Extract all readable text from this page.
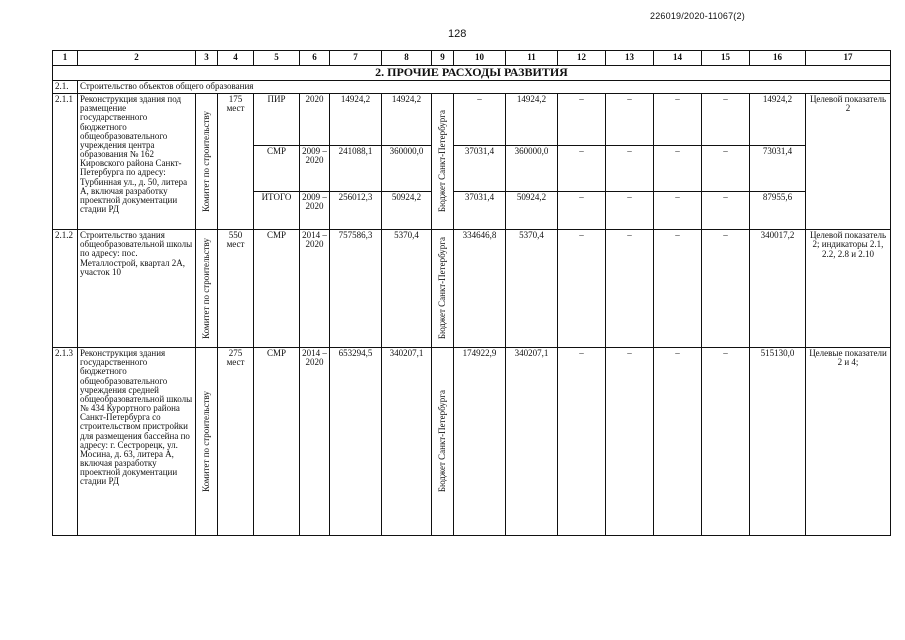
226019/2020-11067(2)
128
1	2	3	4	5	6	7	8	9	10	11	12	13	14	15	16	17
2. ПРОЧИЕ РАСХОДЫ РАЗВИТИЯ																
2.1.	Строительство объектов общего образования															
2.1.1	Реконструкция здания под размещение государственного бюджетного общеобразовательного учреждения центра образования № 162 Кировского района Санкт-Петербурга по адресу: Турбинная ул., д. 50, литера А, включая разработку проектной документации стадии РД	Комитет по строительству	175 мест	ПИР	2020	14924,2	14924,2	Бюджет Санкт-Петербурга	–	14924,2	–	–	–	–	14924,2	Целевой показатель 2
				СМР	2009 – 2020	241088,1	360000,0		37031,4	360000,0	–	–	–	–	73031,4	
				ИТОГО	2009 – 2020	256012,3	50924,2		37031,4	50924,2	–	–	–	–	87955,6	
2.1.2	Строительство здания общеобразовательной школы по адресу: пос. Металлострой, квартал 2А, участок 10	Комитет по строительству	550 мест	СМР	2014 – 2020	757586,3	5370,4	Бюджет Санкт-Петербурга	334646,8	5370,4	–	–	–	–	340017,2	Целевой показатель 2; индикаторы 2.1, 2.2, 2.8 и 2.10
2.1.3	Реконструкция здания государственного бюджетного общеобразовательного учреждения средней общеобразовательной школы № 434 Курортного района Санкт-Петербурга со строительством пристройки для размещения бассейна по адресу: г. Сестрорецк, ул. Мосина, д. 63, литера А, включая разработку проектной документации стадии РД	Комитет по строительству	275 мест	СМР	2014 – 2020	653294,5	340207,1	Бюджет Санкт-Петербурга	174922,9	340207,1	–	–	–	–	515130,0	Целевые показатели 2 и 4;
